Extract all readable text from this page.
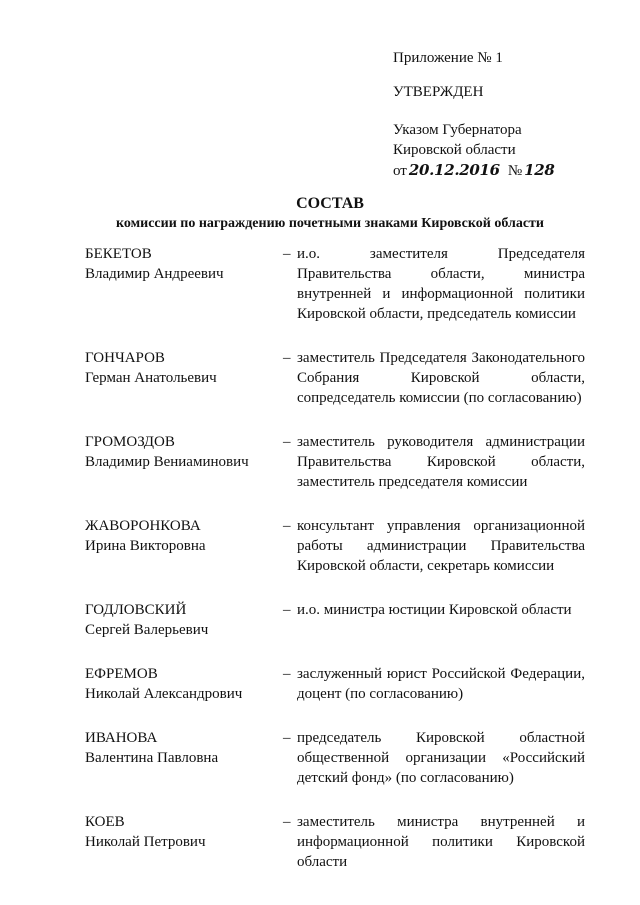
Приложение № 1
УТВЕРЖДЕН
Указом Губернатора
Кировской области
от 20.12.2016 № 128
СОСТАВ
комиссии по награждению почетными знаками Кировской области
БЕКЕТОВ
Владимир Андреевич
– и.о. заместителя Председателя Правительства области, министра внутренней и информационной политики Кировской области, председатель комиссии
ГОНЧАРОВ
Герман Анатольевич
– заместитель Председателя Законодательного Собрания Кировской области, сопредседатель комиссии (по согласованию)
ГРОМОЗДОВ
Владимир Вениаминович
– заместитель руководителя администрации Правительства Кировской области, заместитель председателя комиссии
ЖАВОРОНКОВА
Ирина Викторовна
– консультант управления организационной работы администрации Правительства Кировской области, секретарь комиссии
ГОДЛОВСКИЙ
Сергей Валерьевич
– и.о. министра юстиции Кировской области
ЕФРЕМОВ
Николай Александрович
– заслуженный юрист Российской Федерации, доцент (по согласованию)
ИВАНОВА
Валентина Павловна
– председатель Кировской областной общественной организации «Российский детский фонд» (по согласованию)
КОЕВ
Николай Петрович
– заместитель министра внутренней и информационной политики Кировской области
